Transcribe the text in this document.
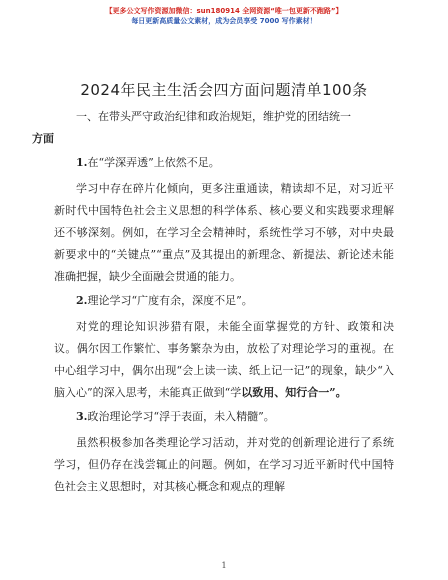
【更多公文写作资源加微信：sun180914 全网资源“唯一包更新不跑路”】
每日更新高质量公文素材，成为会员享受 7000 写作素材！
2024年民主生活会四方面问题清单100条

一、在带头严守政治纪律和政治规矩，维护党的团结统一
方面

1.在“学深弄透”上依然不足。

学习中存在碎片化倾向，更多注重通读，精读却不足，对习近平新时代中国特色社会主义思想的科学体系、核心要义和实践要求理解还不够深刻。例如，在学习全会精神时，系统性学习不够，对中央最新要求中的“关键点”“重点”及其提出的新理念、新提法、新论述未能准确把握，缺少全面融会贯通的能力。

2.理论学习“广度有余，深度不足”。

对党的理论知识涉猎有限，未能全面掌握党的方针、政策和决议。偶尔因工作繁忙、事务繁杂为由，放松了对理论学习的重视。在中心组学习中，偶尔出现“会上读一读、纸上记一记”的现象，缺少“入脑入心”的深入思考，未能真正做到“学以致用、知行合一”。

3.政治理论学习“浮于表面，未入精髓”。

虽然积极参加各类理论学习活动，并对党的创新理论进行了系统学习，但仍存在浅尝辄止的问题。例如，在学习习近平新时代中国特色社会主义思想时，对其核心概念和观点的理解

1
